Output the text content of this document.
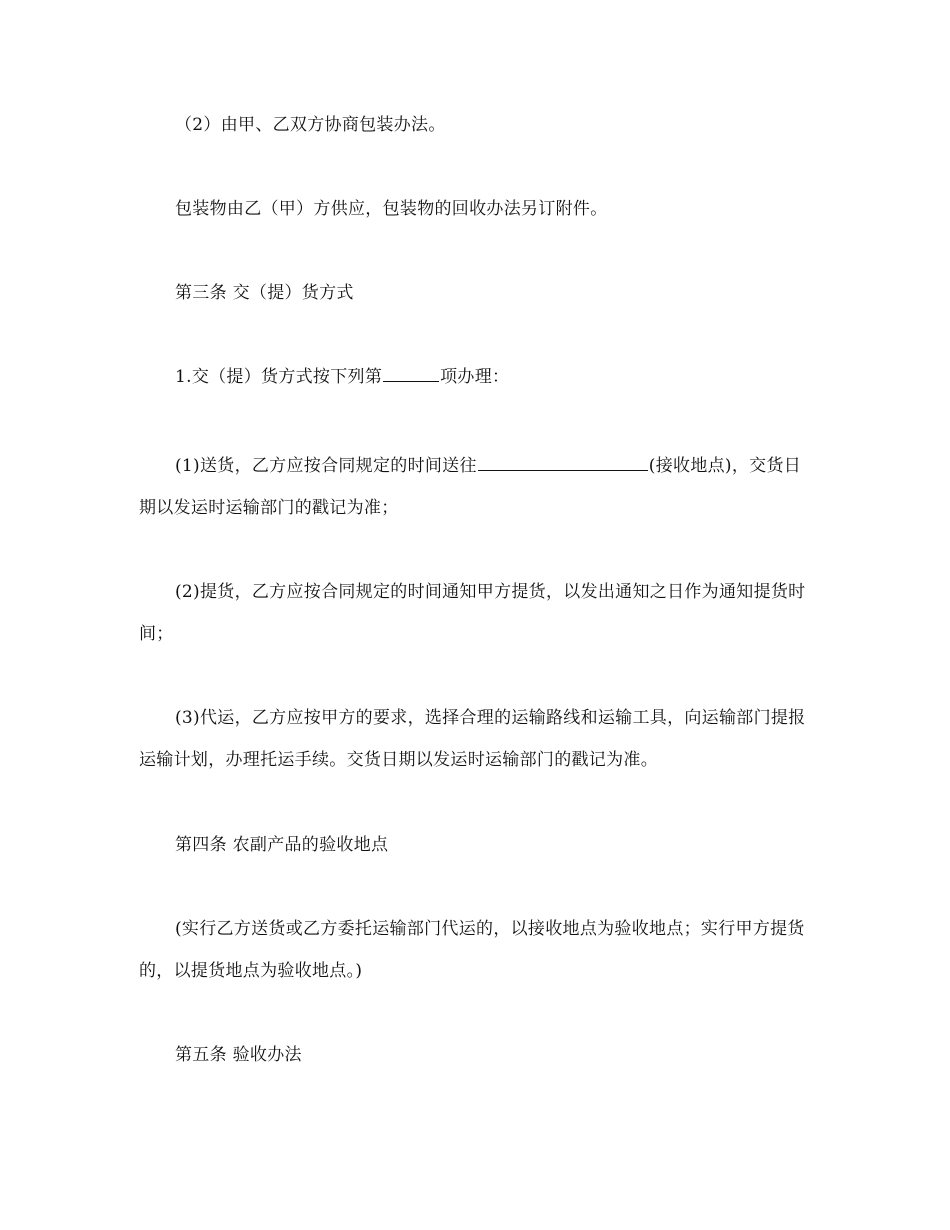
（2）由甲、乙双方协商包装办法。

包装物由乙（甲）方供应，包装物的回收办法另订附件。

第三条 交（提）货方式

1.交（提）货方式按下列第	项办理：

(1)送货，乙方应按合同规定的时间送往	(接收地点)，交货日期以发运时运输部门的戳记为准；

(2)提货，乙方应按合同规定的时间通知甲方提货，以发出通知之日作为通知提货时间；

(3)代运，乙方应按甲方的要求，选择合理的运输路线和运输工具，向运输部门提报运输计划，办理托运手续。交货日期以发运时运输部门的戳记为准。

第四条 农副产品的验收地点

(实行乙方送货或乙方委托运输部门代运的，以接收地点为验收地点；实行甲方提货的，以提货地点为验收地点。)

第五条 验收办法
